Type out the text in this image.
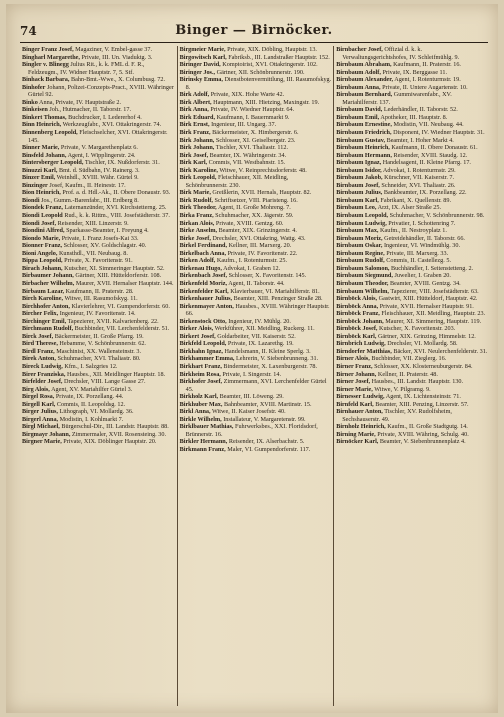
74	Binger — Birnöcker.

Binger Franz Josef, Magaziner, V. Embel-gasse 37.

Bingharl Margarethe, Private, III. Un. Viaduktg. 3.

Bingler v. Blinegg Julius Rit., k. k. FML d. F. R., Feldzeugm., IV. Widner Hauptstr. 7, 5. Stf.

Binhack Barbara, Bahn-Bmt.-Wwe., X. Columbusg. 72.

Binhofer Johann, Polizei-Conzepts-Pract., XVIII. Währinger Gürtel 92.

Binko Anna, Private, IV. Hauptstraße 2.

Binkeisen Joh., Hutmacher, II. Taborstr. 17.

Binkert Thomas, Buchdrucker, I. Ledererhof 4.

Binn Heinrich, Werkzeugfabr., XVI. Ottakringerstr. 74.

Binnenberg Leopold, Fleischselcher, XVI. Ottakringerstr. 145.

Binner Marie, Private, V. Margarethenplatz 6.

Binsfeld Johann, Agent, I. Wipplingerstr. 24.

Bintersberger Leopold, Tischler, IX. Nußdorferstr. 31.

Binuzzi Karl, Bmt. d. Südbahn, IV. Rainerg. 3.

Binzer Emil, Weinhdl., XVIII. Währ. Gürtel 9.

Binzinger Josef, Kaufm., II. Heinestr. 17.

Bion Heinrich, Prof. a. d. Hdl.-Ak., II. Obere Donaustr. 93.

Biondi Jos., Gumm.-Barenfabr., III. Erdberg 8.

Biondek Franz, Laternanzünder, XVI. Kirchstetterng. 25.

Biondi Leopold Rud., k. k. Rittm., VIII. Josefstädterstr. 37.

Biondi Josef, Reisender, XIII. Linzerstr. 9.

Biondini Alfred, Sparkasse-Beamter, I. Freyung 4.

Biondo Marie, Private, I. Franz Josefs-Kai 33.

Bionner Franz, Schlosser, XV. Goldschlagstr. 40.

Bioni Angelo, Kunsthdl., VII. Neubaug. 8.

Bippa Leopold, Private, X. Favoritenstr. 91.

Birach Johann, Kutscher, XI. Simmeringer Hauptstr. 52.

Birbaumer Johann, Gärtner, XIII. Hütteldorferstr. 108.

Birbacher Wilhelm, Maurer, XVII. Hernalser Hauptstr. 144.

Birbaum Lazar, Kaufmann, II. Praterstr. 28.

Birch Karoline, Witwe, III. Rasumofskyg. 11.

Birchhofer Anton, Klavierlehrer, VI. Gumpendorferstr. 60.

Bircher Felix, Ingenieur, IV. Favoritenstr. 14.

Birchinger Emil, Tapezierer, XVII. Kalvarienberg. 22.

Birchmann Rudolf, Buchbinder, VII. Lerchenfelderstr. 51.

Birck Josef, Bäckermeister, II. Große Pfarrg. 19.

Bird Therese, Hebamme, V. Schönbrunnerstr. 62.

Birdl Franz, Maschinist, XX. Wallensteinstr. 3.

Birek Anton, Schuhmacher, XVI. Thaliastr. 80.

Bireck Ludwig, Kfm., I. Salzgries 12.

Birer Franziska, Hausbes., XII. Meidlinger Hauptstr. 18.

Birfelder Josef, Drechsler, VIII. Lange Gasse 27.

Birg Alois, Agent, XV. Mariahilfer Gürtel 3.

Birgel Rosa, Private, IX. Porzellang. 44.

Birgell Karl, Commis, II. Leopoldsg. 12.

Birger Julius, Lithograph, VI. Mollardg. 36.

Birgerl Anna, Modistin, I. Kohlmarkt 7.

Birgl Michael, Bürgerschul-Dir., III. Landstr. Hauptstr. 88.

Birgmayr Johann, Zimmermaler, XVII. Rosensteing. 30.

Birgner Marie, Private, XIX. Döblinger Hauptstr. 20.

Birgmeier Marie, Private, XIX. Döbling, Hauptstr. 13.

Birgowitsch Karl, Fabriksb., III. Landstraßer Hauptstr. 152.

Biringer David, Komptoirist, XVI. Ottakringerstr. 102.

Biringer Jos., Gärtner, XII. Schönbrunnerstr. 190.

Birinsky Emma, Dienstbotenvermittlung, III. Rasumofskyg. 8.

Birk Adolf, Private, XIX. Hohe Warte 42.

Birk Albert, Hauptmann, XIII. Hietzing, Maxingstr. 19.

Birk Anna, Private, IV. Wiedner Hauptstr. 64.

Birk Eduard, Kaufmann, I. Bauernmarkt 9.

Birk Ernst, Ingenieur, III. Ungarg. 37.

Birk Franz, Bäckermeister, X. Himbergerstr. 6.

Birk Johann, Schlosser, XI. Geiselbergstr. 23.

Birk Johann, Tischler, XVI. Thaliastr. 112.

Birk Josef, Beamter, IX. Währingerstr. 34.

Birk Karl, Commis, VII. Westbahnstr. 15.

Birk Karoline, Witwe, V. Reinprechtsdorferstr. 48.

Birk Leopold, Fleischhauer, XII. Meidling, Schönbrunnerstr. 230.

Birk Marie, Greißlerin, XVII. Hernals, Hauptstr. 82.

Birk Rudolf, Schriftsetzer, VIII. Piaristeng. 16.

Birk Theodor, Agent, II. Große Mohreng. 7.

Birka Franz, Schuhmacher, XX. Jägerstr. 59.

Birkan Alois, Private, XVIII. Gentzg. 60.

Birke Anselm, Beamter, XIX. Grinzingerstr. 4.

Birke Josef, Drechsler, XVI. Ottakring, Wattg. 43.

Birkel Ferdinand, Kellner, III. Marxerg. 20.

Birkelbach Anna, Private, IV. Favoritenstr. 22.

Birken Adolf, Kaufm., I. Rotenturmstr. 25.

Birkenau Hugo, Advokat, I. Graben 12.

Birkenbach Josef, Schlosser, X. Favoritenstr. 145.

Birkenfeld Moriz, Agent, II. Taborstr. 44.

Birkenfelder Karl, Klavierbauer, VI. Mariahilferstr. 81.

Birkenhauer Julius, Beamter, XIII. Penzinger Straße 28.

Birkenmayer Anton, Hausbes., XVIII. Währinger Hauptstr. 66.

Birkenstock Otto, Ingenieur, IV. Mühlg. 20.

Birker Alois, Werkführer, XII. Meidling, Ruckerg. 11.

Birkert Josef, Goldarbeiter, VII. Kaiserstr. 52.

Birkfeld Leopold, Private, IX. Lazarethg. 19.

Birkhahn Ignaz, Handelsmann, II. Kleine Sperlg. 3.

Birkhammer Emma, Lehrerin, V. Siebenbrunneng. 31.

Birkhart Franz, Bindermeister, X. Laxenburgerstr. 78.

Birkheim Rosa, Private, I. Singerstr. 14.

Birkhofer Josef, Zimmermann, XVI. Lerchenfelder Gürtel 45.

Birkholz Karl, Beamter, III. Löweng. 29.

Birkhuber Max, Bahnbeamter, XVIII. Martinstr. 15.

Birkl Anna, Witwe, II. Kaiser Josefstr. 40.

Birkle Wilhelm, Installateur, V. Margaretenstr. 99.

Birklbauer Mathias, Fuhrwerksbes., XXI. Floridsdorf, Brünnerstr. 16.

Birkler Hermann, Reisender, IX. Alserbachstr. 5.

Birkmann Franz, Maler, VI. Gumpendorferstr. 117.

Birnbacher Josef, Offizial d. k. k. Verwaltungsgerichtshofes, IV. Schleifmühlg. 9.

Birnbaum Abraham, Kaufmann, II. Praterstr. 16.

Birnbaum Adolf, Private, IX. Berggasse 11.

Birnbaum Alexander, Agent, I. Rotenturmstr. 19.

Birnbaum Anna, Private, II. Untere Augartenstr. 10.

Birnbaum Bernhard, Gummiwarenfabr., XV. Mariahilferstr. 137.

Birnbaum David, Lederhändler, II. Taborstr. 52.

Birnbaum Emil, Apotheker, III. Hauptstr. 8.

Birnbaum Ernestine, Modistin, VII. Neubaug. 44.

Birnbaum Friedrich, Disponent, IV. Wiedner Hauptstr. 31.

Birnbaum Gustav, Beamter, I. Hoher Markt 4.

Birnbaum Heinrich, Kaufmann, II. Obere Donaustr. 61.

Birnbaum Hermann, Reisender, XVIII. Staudg. 12.

Birnbaum Ignaz, Handelsagent, II. Kleine Pfarrg. 17.

Birnbaum Isidor, Advokat, I. Rotenturmstr. 29.

Birnbaum Jakob, Kürschner, VII. Kaiserstr. 7.

Birnbaum Josef, Schneider, XVI. Thaliastr. 26.

Birnbaum Julius, Bankbeamter, IX. Porzellang. 22.

Birnbaum Karl, Fabrikant, X. Quellenstr. 89.

Birnbaum Leo, Arzt, IX. Alser Straße 25.

Birnbaum Leopold, Schuhmacher, V. Schönbrunnerstr. 98.

Birnbaum Ludwig, Privatier, I. Schottenring 7.

Birnbaum Max, Kaufm., II. Nestroyplatz 1.

Birnbaum Moriz, Getreidehändler, II. Taborstr. 66.

Birnbaum Oskar, Ingenieur, VI. Windmühlg. 30.

Birnbaum Regine, Private, III. Marxerg. 33.

Birnbaum Rudolf, Commis, II. Castellezg. 5.

Birnbaum Salomon, Buchhändler, I. Seitenstetteng. 2.

Birnbaum Siegmund, Juwelier, I. Graben 20.

Birnbaum Theodor, Beamter, XVIII. Gentzg. 34.

Birnbaum Wilhelm, Tapezierer, VIII. Josefstädterstr. 63.

Birnböck Alois, Gastwirt, XIII. Hütteldorf, Hauptstr. 42.

Birnböck Anna, Private, XVII. Hernalser Hauptstr. 91.

Birnböck Franz, Fleischhauer, XII. Meidling, Hauptstr. 23.

Birnböck Johann, Maurer, XI. Simmering, Hauptstr. 119.

Birnböck Josef, Kutscher, X. Favoritenstr. 203.

Birnböck Karl, Gärtner, XIX. Grinzing, Himmelstr. 12.

Birnbrich Ludwig, Drechsler, VI. Mollardg. 58.

Birndorfer Matthias, Bäcker, XVI. Neulerchenfelderstr. 31.

Birner Alois, Buchbinder, VII. Zieglerg. 16.

Birner Franz, Schlosser, XX. Klosterneuburgerstr. 84.

Birner Johann, Kellner, II. Praterstr. 48.

Birner Josef, Hausbes., III. Landstr. Hauptstr. 130.

Birner Marie, Witwe, V. Pilgramg. 9.

Birnesser Ludwig, Agent, IX. Lichtensteinstr. 71.

Birnfeld Karl, Beamter, XIII. Penzing, Linzerstr. 57.

Birnhauer Anton, Tischler, XV. Rudolfsheim, Sechshauserstr. 49.

Birnholz Heinrich, Kaufm., II. Große Stadtgutg. 14.

Birning Marie, Private, XVIII. Währing, Schulg. 40.

Birnöcker Karl, Beamter, V. Siebenbrunnenplatz 4.
